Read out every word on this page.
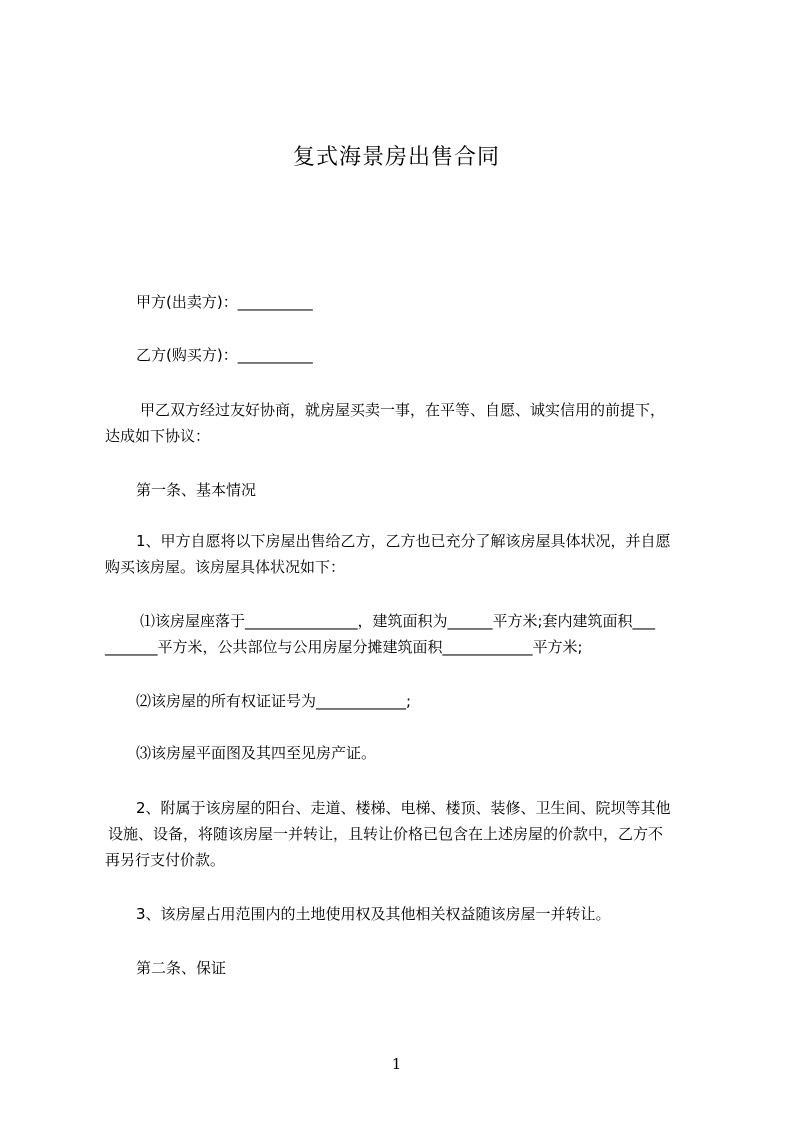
复式海景房出售合同
甲方(出卖方)：__________
乙方(购买方)：__________
甲乙双方经过友好协商，就房屋买卖一事，在平等、自愿、诚实信用的前提下，
达成如下协议：
第一条、基本情况
1、甲方自愿将以下房屋出售给乙方，乙方也已充分了解该房屋具体状况，并自愿
购买该房屋。该房屋具体状况如下：
⑴该房屋座落于_______________，建筑面积为______平方米;套内建筑面积___
_______平方米，公共部位与公用房屋分摊建筑面积____________平方米;
⑵该房屋的所有权证证号为____________;
⑶该房屋平面图及其四至见房产证。
2、附属于该房屋的阳台、走道、楼梯、电梯、楼顶、装修、卫生间、院坝等其他
设施、设备，将随该房屋一并转让，且转让价格已包含在上述房屋的价款中，乙方不
再另行支付价款。
3、该房屋占用范围内的土地使用权及其他相关权益随该房屋一并转让。
第二条、保证
1
